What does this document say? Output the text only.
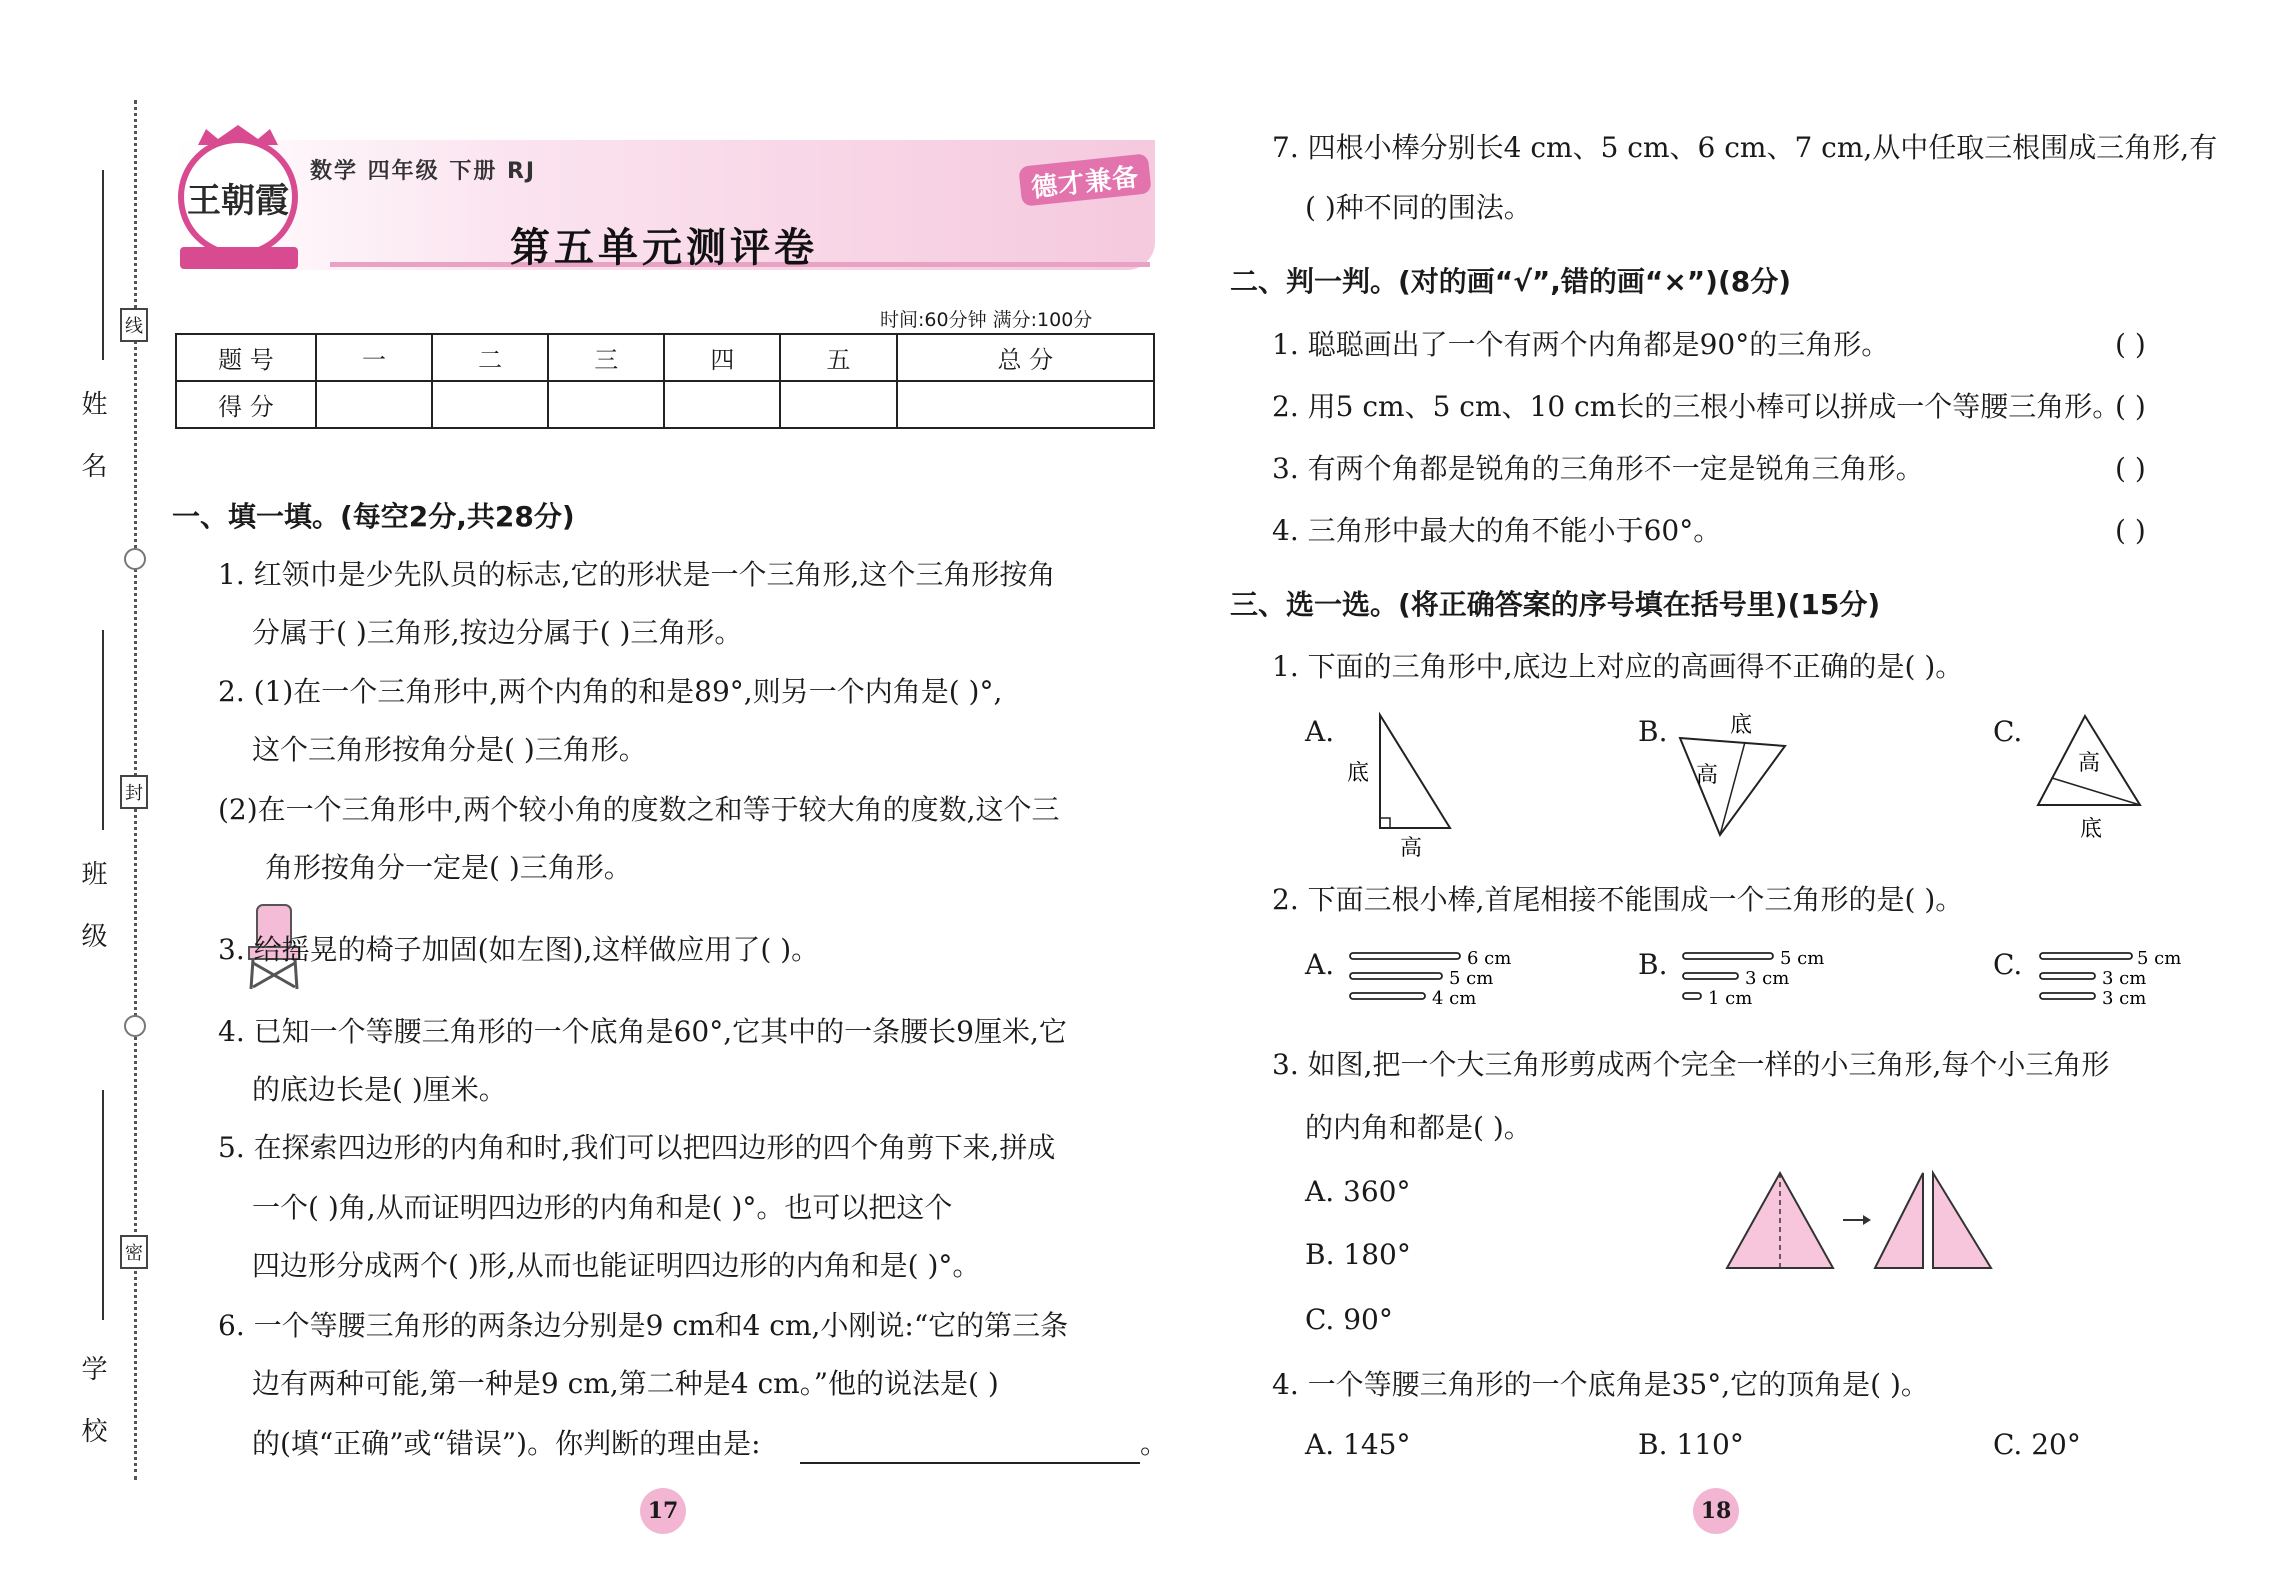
姓 名
线
班 级
封
学 校
密
王朝霞
数学 四年级 下册 RJ
第五单元测评卷
德才兼备
时间:60分钟 满分:100分
题 号	一	二	三	四	五	总 分
得 分						
一、填一填。(每空2分,共28分)
1. 红领巾是少先队员的标志,它的形状是一个三角形,这个三角形按角
分属于( )三角形,按边分属于( )三角形。
2. (1)在一个三角形中,两个内角的和是89°,则另一个内角是( )°,
这个三角形按角分是( )三角形。
(2)在一个三角形中,两个较小角的度数之和等于较大角的度数,这个三
角形按角分一定是( )三角形。
3. 给摇晃的椅子加固(如左图),这样做应用了( )。
4. 已知一个等腰三角形的一个底角是60°,它其中的一条腰长9厘米,它
的底边长是( )厘米。
5. 在探索四边形的内角和时,我们可以把四边形的四个角剪下来,拼成
一个( )角,从而证明四边形的内角和是( )°。也可以把这个
四边形分成两个( )形,从而也能证明四边形的内角和是( )°。
6. 一个等腰三角形的两条边分别是9 cm和4 cm,小刚说:“它的第三条
边有两种可能,第一种是9 cm,第二种是4 cm。”他的说法是( )
的(填“正确”或“错误”)。你判断的理由是:	。
17
7. 四根小棒分别长4 cm、5 cm、6 cm、7 cm,从中任取三根围成三角形,有
( )种不同的围法。
二、判一判。(对的画“√”,错的画“×”)(8分)
1. 聪聪画出了一个有两个内角都是90°的三角形。	( )
2. 用5 cm、5 cm、10 cm长的三根小棒可以拼成一个等腰三角形。
( )
3. 有两个角都是锐角的三角形不一定是锐角三角形。	( )
4. 三角形中最大的角不能小于60°。	( )
三、选一选。(将正确答案的序号填在括号里)(15分)
1. 下面的三角形中,底边上对应的高画得不正确的是( )。
A.
底
高
B.	底
高
C.
高
底
2. 下面三根小棒,首尾相接不能围成一个三角形的是( )。
A.	6 cm
5 cm
4 cm
B.	5 cm
3 cm
1 cm
C.	5 cm
3 cm
3 cm
3. 如图,把一个大三角形剪成两个完全一样的小三角形,每个小三角形
的内角和都是( )。
A. 360°
B. 180°
C. 90°
4. 一个等腰三角形的一个底角是35°,它的顶角是( )。
A. 145°	B. 110°	C. 20°
18
